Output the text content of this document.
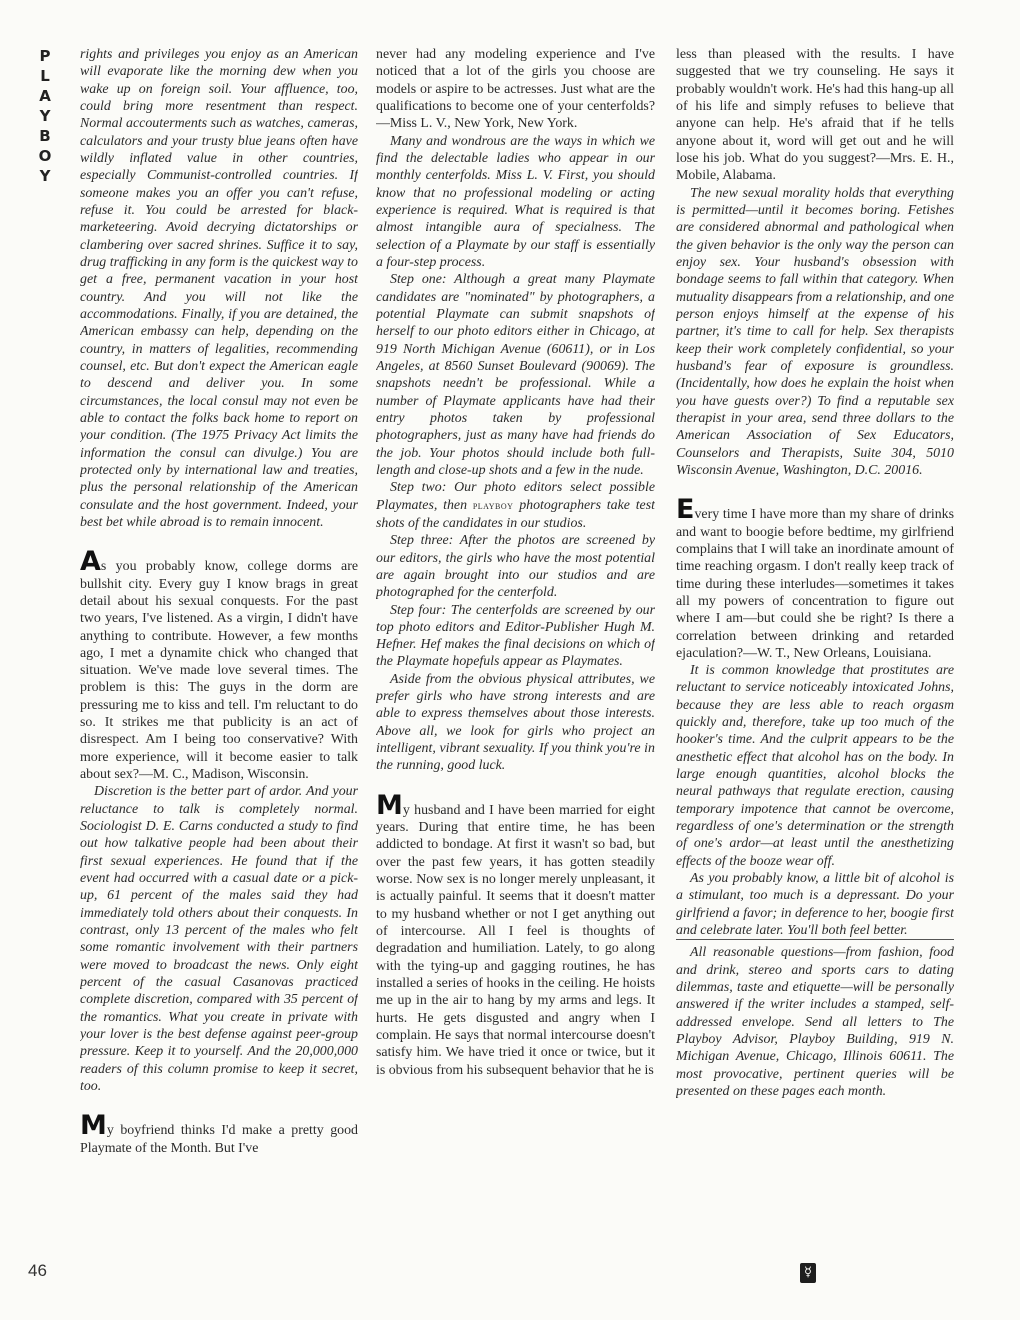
P
L
A
Y
B
O
Y
46

rights and privileges you enjoy as an American will evaporate like the morning dew when you wake up on foreign soil. Your affluence, too, could bring more resentment than respect. Normal accouterments such as watches, cameras, calculators and your trusty blue jeans often have wildly inflated value in other countries, especially Communist-controlled countries. If someone makes you an offer you can't refuse, refuse it. You could be arrested for black-marketeering. Avoid decrying dictatorships or clambering over sacred shrines. Suffice it to say, drug trafficking in any form is the quickest way to get a free, permanent vacation in your host country. And you will not like the accommodations. Finally, if you are detained, the American embassy can help, depending on the country, in matters of legalities, recommending counsel, etc. But don't expect the American eagle to descend and deliver you. In some circumstances, the local consul may not even be able to contact the folks back home to report on your condition. (The 1975 Privacy Act limits the information the consul can divulge.) You are protected only by international law and treaties, plus the personal relationship of the American consulate and the host government. Indeed, your best bet while abroad is to remain innocent.

As you probably know, college dorms are bullshit city. Every guy I know brags in great detail about his sexual conquests. For the past two years, I've listened. As a virgin, I didn't have anything to contribute. However, a few months ago, I met a dynamite chick who changed that situation. We've made love several times. The problem is this: The guys in the dorm are pressuring me to kiss and tell. I'm reluctant to do so. It strikes me that publicity is an act of disrespect. Am I being too conservative? With more experience, will it become easier to talk about sex?—M. C., Madison, Wisconsin.

Discretion is the better part of ardor. And your reluctance to talk is completely normal. Sociologist D. E. Carns conducted a study to find out how talkative people had been about their first sexual experiences. He found that if the event had occurred with a casual date or a pick-up, 61 percent of the males said they had immediately told others about their conquests. In contrast, only 13 percent of the males who felt some romantic involvement with their partners were moved to broadcast the news. Only eight percent of the casual Casanovas practiced complete discretion, compared with 35 percent of the romantics. What you create in private with your lover is the best defense against peer-group pressure. Keep it to yourself. And the 20,000,000 readers of this column promise to keep it secret, too.

My boyfriend thinks I'd make a pretty good Playmate of the Month. But I've

never had any modeling experience and I've noticed that a lot of the girls you choose are models or aspire to be actresses. Just what are the qualifications to become one of your centerfolds?—Miss L. V., New York, New York.

Many and wondrous are the ways in which we find the delectable ladies who appear in our monthly centerfolds. Miss L. V. First, you should know that no professional modeling or acting experience is required. What is required is that almost intangible aura of specialness. The selection of a Playmate by our staff is essentially a four-step process.

Step one: Although a great many Playmate candidates are "nominated" by photographers, a potential Playmate can submit snapshots of herself to our photo editors either in Chicago, at 919 North Michigan Avenue (60611), or in Los Angeles, at 8560 Sunset Boulevard (90069). The snapshots needn't be professional. While a number of Playmate applicants have had their entry photos taken by professional photographers, just as many have had friends do the job. Your photos should include both full-length and close-up shots and a few in the nude.

Step two: Our photo editors select possible Playmates, then playboy photographers take test shots of the candidates in our studios.

Step three: After the photos are screened by our editors, the girls who have the most potential are again brought into our studios and are photographed for the centerfold.

Step four: The centerfolds are screened by our top photo editors and Editor-Publisher Hugh M. Hefner. Hef makes the final decisions on which of the Playmate hopefuls appear as Playmates.

Aside from the obvious physical attributes, we prefer girls who have strong interests and are able to express themselves about those interests. Above all, we look for girls who project an intelligent, vibrant sexuality. If you think you're in the running, good luck.

My husband and I have been married for eight years. During that entire time, he has been addicted to bondage. At first it wasn't so bad, but over the past few years, it has gotten steadily worse. Now sex is no longer merely unpleasant, it is actually painful. It seems that it doesn't matter to my husband whether or not I get anything out of intercourse. All I feel is thoughts of degradation and humiliation. Lately, to go along with the tying-up and gagging routines, he has installed a series of hooks in the ceiling. He hoists me up in the air to hang by my arms and legs. It hurts. He gets disgusted and angry when I complain. He says that normal intercourse doesn't satisfy him. We have tried it once or twice, but it is obvious from his subsequent behavior that he is

less than pleased with the results. I have suggested that we try counseling. He says it probably wouldn't work. He's had this hang-up all of his life and simply refuses to believe that anyone can help. He's afraid that if he tells anyone about it, word will get out and he will lose his job. What do you suggest?—Mrs. E. H., Mobile, Alabama.

The new sexual morality holds that everything is permitted—until it becomes boring. Fetishes are considered abnormal and pathological when the given behavior is the only way the person can enjoy sex. Your husband's obsession with bondage seems to fall within that category. When mutuality disappears from a relationship, and one person enjoys himself at the expense of his partner, it's time to call for help. Sex therapists keep their work completely confidential, so your husband's fear of exposure is groundless. (Incidentally, how does he explain the hoist when you have guests over?) To find a reputable sex therapist in your area, send three dollars to the American Association of Sex Educators, Counselors and Therapists, Suite 304, 5010 Wisconsin Avenue, Washington, D.C. 20016.

Every time I have more than my share of drinks and want to boogie before bedtime, my girlfriend complains that I will take an inordinate amount of time reaching orgasm. I don't really keep track of time during these interludes—sometimes it takes all my powers of concentration to figure out where I am—but could she be right? Is there a correlation between drinking and retarded ejaculation?—W. T., New Orleans, Louisiana.

It is common knowledge that prostitutes are reluctant to service noticeably intoxicated Johns, because they are less able to reach orgasm quickly and, therefore, take up too much of the hooker's time. And the culprit appears to be the anesthetic effect that alcohol has on the body. In large enough quantities, alcohol blocks the neural pathways that regulate erection, causing temporary impotence that cannot be overcome, regardless of one's determination or the strength of one's ardor—at least until the anesthetizing effects of the booze wear off.

As you probably know, a little bit of alcohol is a stimulant, too much is a depressant. Do your girlfriend a favor; in deference to her, boogie first and celebrate later. You'll both feel better.

All reasonable questions—from fashion, food and drink, stereo and sports cars to dating dilemmas, taste and etiquette—will be personally answered if the writer includes a stamped, self-addressed envelope. Send all letters to The Playboy Advisor, Playboy Building, 919 N. Michigan Avenue, Chicago, Illinois 60611. The most provocative, pertinent queries will be presented on these pages each month.

☿
